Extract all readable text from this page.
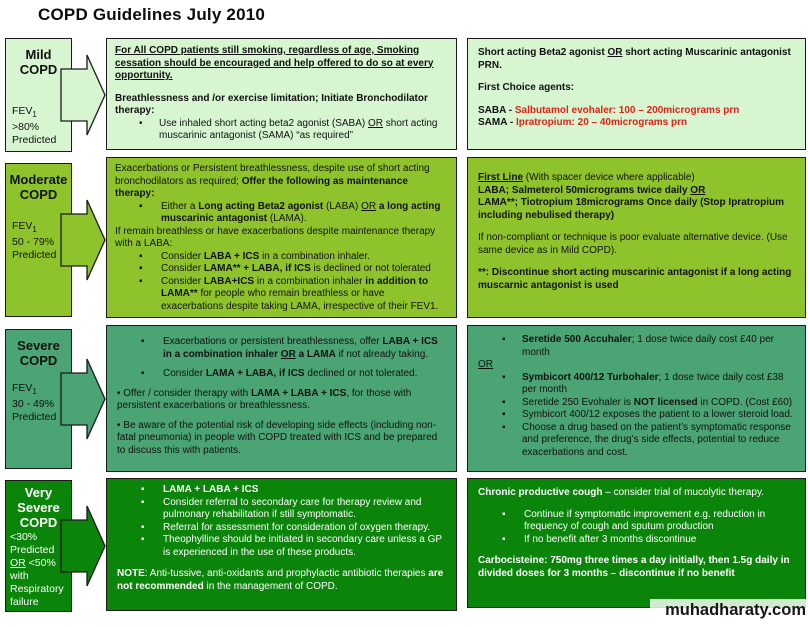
COPD Guidelines July 2010
Mild COPD
$FEV_1$
>80%
Predicted
For All COPD patients still smoking, regardless of age, Smoking cessation should be encouraged and help offered to do so at every opportunity.
Breathlessness and /or exercise limitation; Initiate Bronchodilator therapy:
•	Use inhaled short acting beta2 agonist (SABA) OR short acting muscarinic antagonist (SAMA) “as required”
Short acting Beta2 agonist OR short acting Muscarinic antagonist PRN.
First Choice agents:
SABA - Salbutamol evohaler: 100 – 200micrograms prn
SAMA - Ipratropium: 20 – 40micrograms prn
Moderate COPD
$FEV_1$
50 - 79%
Predicted
Exacerbations or Persistent breathlessness, despite use of short acting bronchodilators as required; Offer the following as maintenance therapy:
▪	Either a Long acting Beta2 agonist (LABA) OR a long acting muscarinic antagonist (LAMA).
If remain breathless or have exacerbations despite maintenance therapy with a LABA:
▪	Consider LABA + ICS in a combination inhaler.
▪	Consider LAMA** + LABA, if ICS is declined or not tolerated
▪	Consider LABA+ICS in a combination inhaler in addition to LAMA** for people who remain breathless or have exacerbations despite taking LAMA, irrespective of their FEV1.
First Line (With spacer device where applicable)
LABA; Salmeterol 50micrograms twice daily OR
LAMA**; Tiotropium 18micrograms Once daily (Stop Ipratropium including nebulised therapy)
If non-compliant or technique is poor evaluate alternative device. (Use same device as in Mild COPD).
**: Discontinue short acting muscarinic antagonist if a long acting muscarnic antagonist is used
Severe COPD
$FEV_1$
30 - 49%
Predicted
▪	Exacerbations or persistent breathlessness, offer LABA + ICS in a combination inhaler OR a LAMA if not already taking.
▪	Consider LAMA + LABA, if ICS declined or not tolerated.
• Offer / consider therapy with LAMA + LABA + ICS, for those with persistent exacerbations or breathlessness.
• Be aware of the potential risk of developing side effects (including non-fatal pneumonia) in people with COPD treated with ICS and be prepared to discuss this with patients.
▪	Seretide 500 Accuhaler; 1 dose twice daily cost £40 per month
OR
▪	Symbicort 400/12 Turbohaler; 1 dose twice daily cost £38 per month
▪	Seretide 250 Evohaler is NOT licensed in COPD. (Cost £60)
▪	Symbicort 400/12 exposes the patient to a lower steroid load.
▪	Choose a drug based on the patient’s symptomatic response and preference, the drug’s side effects, potential to reduce exacerbations and cost.
Very Severe COPD
<30%
Predicted
OR <50%
with
Respiratory
failure
▪	LAMA + LABA + ICS
▪	Consider referral to secondary care for therapy review and pulmonary rehabilitation if still symptomatic.
▪	Referral for assessment for consideration of oxygen therapy.
▪	Theophylline should be initiated in secondary care unless a GP is experienced in the use of these products.
NOTE: Anti-tussive, anti-oxidants and prophylactic antibiotic therapies are not recommended in the management of COPD.
Chronic productive cough – consider trial of mucolytic therapy.
▪	Continue if symptomatic improvement e.g. reduction in frequency of cough and sputum production
▪	If no benefit after 3 months discontinue
Carbocisteine: 750mg three times a day initially, then 1.5g daily in divided doses for 3 months – discontinue if no benefit
muhadharaty.com
